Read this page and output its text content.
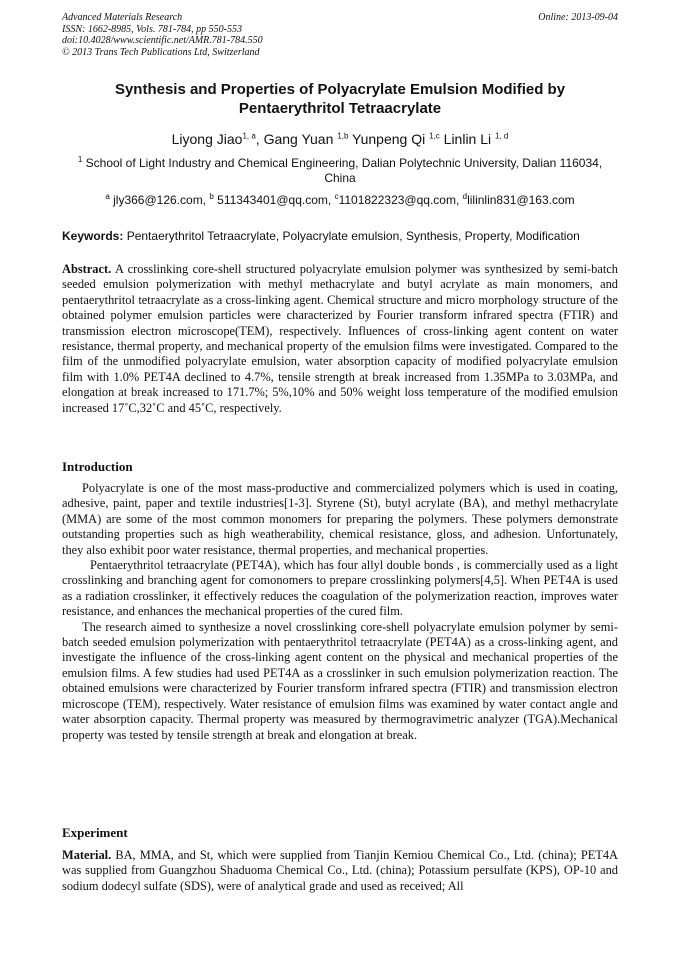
Advanced Materials Research
ISSN: 1662-8985, Vols. 781-784, pp 550-553
doi:10.4028/www.scientific.net/AMR.781-784.550
© 2013 Trans Tech Publications Ltd, Switzerland
Online: 2013-09-04
Synthesis and Properties of Polyacrylate Emulsion Modified by
Pentaerythritol Tetraacrylate
Liyong Jiao$^{1, a}$, Gang Yuan $^{1,b}$ Yunpeng Qi $^{1,c}$ Linlin Li $^{1, d}$
$^1$ School of Light Industry and Chemical Engineering, Dalian Polytechnic University, Dalian 116034, China
$^a$ jly366@126.com, $^b$ 511343401@qq.com, $^c$1101822323@qq.com, $^d$lilinlin831@163.com
Keywords: Pentaerythritol Tetraacrylate, Polyacrylate emulsion, Synthesis, Property, Modification
Abstract. A crosslinking core-shell structured polyacrylate emulsion polymer was synthesized by semi-batch seeded emulsion polymerization with methyl methacrylate and butyl acrylate as main monomers, and pentaerythritol tetraacrylate as a cross-linking agent. Chemical structure and micro morphology structure of the obtained polymer emulsion particles were characterized by Fourier transform infrared spectra (FTIR) and transmission electron microscope(TEM), respectively. Influences of cross-linking agent content on water resistance, thermal property, and mechanical property of the emulsion films were investigated. Compared to the film of the unmodified polyacrylate emulsion, water absorption capacity of modified polyacrylate emulsion film with 1.0% PET4A declined to 4.7%, tensile strength at break increased from 1.35MPa to 3.03MPa, and elongation at break increased to 171.7%; 5%,10% and 50% weight loss temperature of the modified emulsion increased 17˚C,32˚C and 45˚C, respectively.
Introduction

Polyacrylate is one of the most mass-productive and commercialized polymers which is used in coating, adhesive, paint, paper and textile industries[1-3]. Styrene (St), butyl acrylate (BA), and methyl methacrylate (MMA) are some of the most common monomers for preparing the polymers. These polymers demonstrate outstanding properties such as high weatherability, chemical resistance, gloss, and adhesion. Unfortunately, they also exhibit poor water resistance, thermal properties, and mechanical properties.

Pentaerythritol tetraacrylate (PET4A), which has four allyl double bonds , is commercially used as a light crosslinking and branching agent for comonomers to prepare crosslinking polymers[4,5]. When PET4A is used as a radiation crosslinker, it effectively reduces the coagulation of the polymerization reaction, improves water resistance, and enhances the mechanical properties of the cured film.

The research aimed to synthesize a novel crosslinking core-shell polyacrylate emulsion polymer by semi-batch seeded emulsion polymerization with pentaerythritol tetraacrylate (PET4A) as a cross-linking agent, and investigate the influence of the cross-linking agent content on the physical and mechanical properties of the emulsion films. A few studies had used PET4A as a crosslinker in such emulsion polymerization reaction. The obtained emulsions were characterized by Fourier transform infrared spectra (FTIR) and transmission electron microscope (TEM), respectively. Water resistance of emulsion films was examined by water contact angle and water absorption capacity. Thermal property was measured by thermogravimetric analyzer (TGA).Mechanical property was tested by tensile strength at break and elongation at break.

Experiment

Material. BA, MMA, and St, which were supplied from Tianjin Kemiou Chemical Co., Ltd. (china); PET4A was supplied from Guangzhou Shaduoma Chemical Co., Ltd. (china); Potassium persulfate (KPS), OP-10 and sodium dodecyl sulfate (SDS), were of analytical grade and used as received; All
